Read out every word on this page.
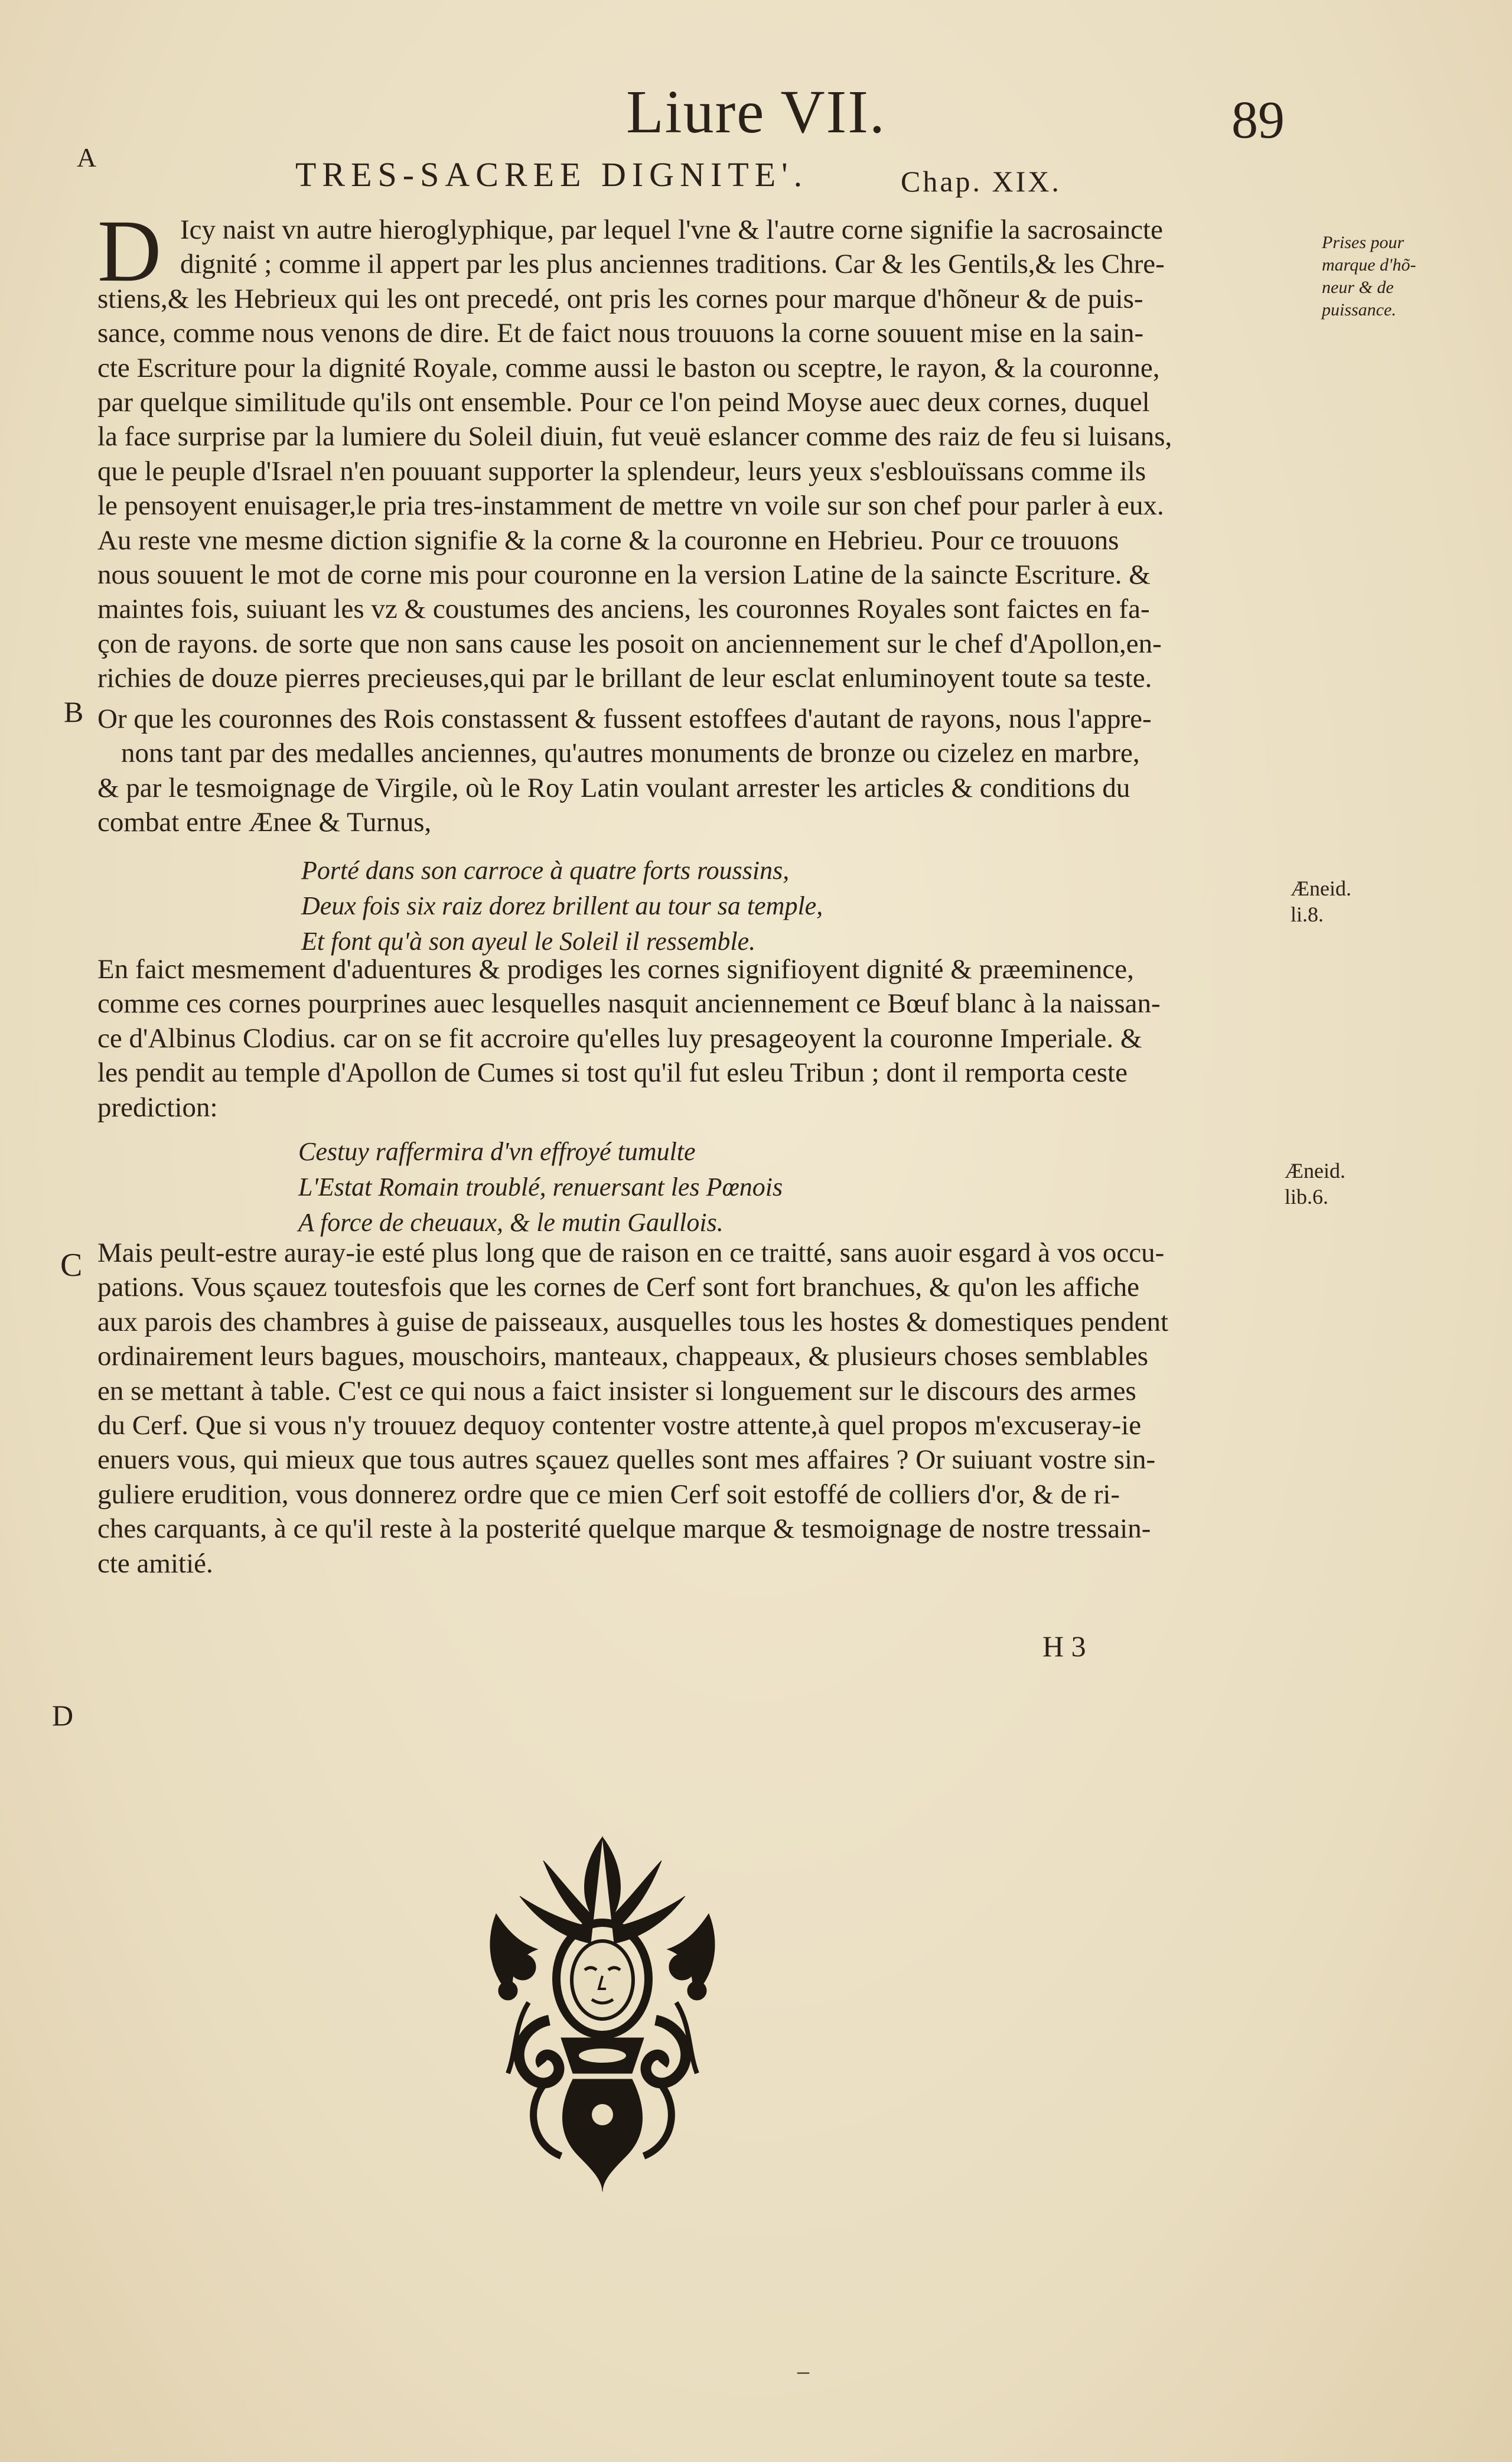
Liure VII.	89
A	TRES-SACREE DIGNITE'.	Chap. XIX.
D Icy naist vn autre hieroglyphique, par lequel l'vne & l'autre corne signifie la sacrosaincte
dignité ; comme il appert par les plus anciennes traditions. Car & les Gentils,& les Chre-
stiens,& les Hebrieux qui les ont precedé, ont pris les cornes pour marque d'hõneur & de puis-
sance, comme nous venons de dire. Et de faict nous trouuons la corne souuent mise en la sain-
cte Escriture pour la dignité Royale, comme aussi le baston ou sceptre, le rayon, & la couronne,
par quelque similitude qu'ils ont ensemble. Pour ce l'on peind Moyse auec deux cornes, duquel
la face surprise par la lumiere du Soleil diuin, fut veuë eslancer comme des raiz de feu si luisans,
que le peuple d'Israel n'en pouuant supporter la splendeur, leurs yeux s'esblouïssans comme ils
le pensoyent enuisager,le pria tres-instamment de mettre vn voile sur son chef pour parler à eux.
Au reste vne mesme diction signifie & la corne & la couronne en Hebrieu. Pour ce trouuons
nous souuent le mot de corne mis pour couronne en la version Latine de la saincte Escriture. &
maintes fois, suiuant les vz & coustumes des anciens, les couronnes Royales sont faictes en fa-
çon de rayons. de sorte que non sans cause les posoit on anciennement sur le chef d'Apollon,en-
richies de douze pierres precieuses,qui par le brillant de leur esclat enluminoyent toute sa teste.
Prises pour
marque d'hõ-
neur & de
puissance.
B Or que les couronnes des Rois constassent & fussent estoffees d'autant de rayons, nous l'appre-
nons tant par des medalles anciennes, qu'autres monuments de bronze ou cizelez en marbre,
& par le tesmoignage de Virgile, où le Roy Latin voulant arrester les articles & conditions du
combat entre Ænee & Turnus,
Porté dans son carroce à quatre forts roussins,
Deux fois six raiz dorez brillent au tour sa temple,
Et font qu'à son ayeul le Soleil il ressemble.
Æneid.
li.8.
En faict mesmement d'aduentures & prodiges les cornes signifioyent dignité & præeminence,
comme ces cornes pourprines auec lesquelles nasquit anciennement ce Bœuf blanc à la naissan-
ce d'Albinus Clodius. car on se fit accroire qu'elles luy presageoyent la couronne Imperiale. &
les pendit au temple d'Apollon de Cumes si tost qu'il fut esleu Tribun ; dont il remporta ceste
prediction:
Cestuy raffermira d'vn effroyé tumulte
L'Estat Romain troublé, renuersant les Pœnois
A force de cheuaux, & le mutin Gaullois.
Æneid.
lib.6.
C Mais peult-estre auray-ie esté plus long que de raison en ce traitté, sans auoir esgard à vos occu-
pations. Vous sçauez toutesfois que les cornes de Cerf sont fort branchues, & qu'on les affiche
aux parois des chambres à guise de paisseaux, ausquelles tous les hostes & domestiques pendent
ordinairement leurs bagues, mouschoirs, manteaux, chappeaux, & plusieurs choses semblables
en se mettant à table. C'est ce qui nous a faict insister si longuement sur le discours des armes
du Cerf. Que si vous n'y trouuez dequoy contenter vostre attente,à quel propos m'excuseray-ie
enuers vous, qui mieux que tous autres sçauez quelles sont mes affaires ? Or suiuant vostre sin-
guliere erudition, vous donnerez ordre que ce mien Cerf soit estoffé de colliers d'or, & de ri-
ches carquants, à ce qu'il reste à la posterité quelque marque & tesmoignage de nostre tressain-
cte amitié.
H 3
D
–
